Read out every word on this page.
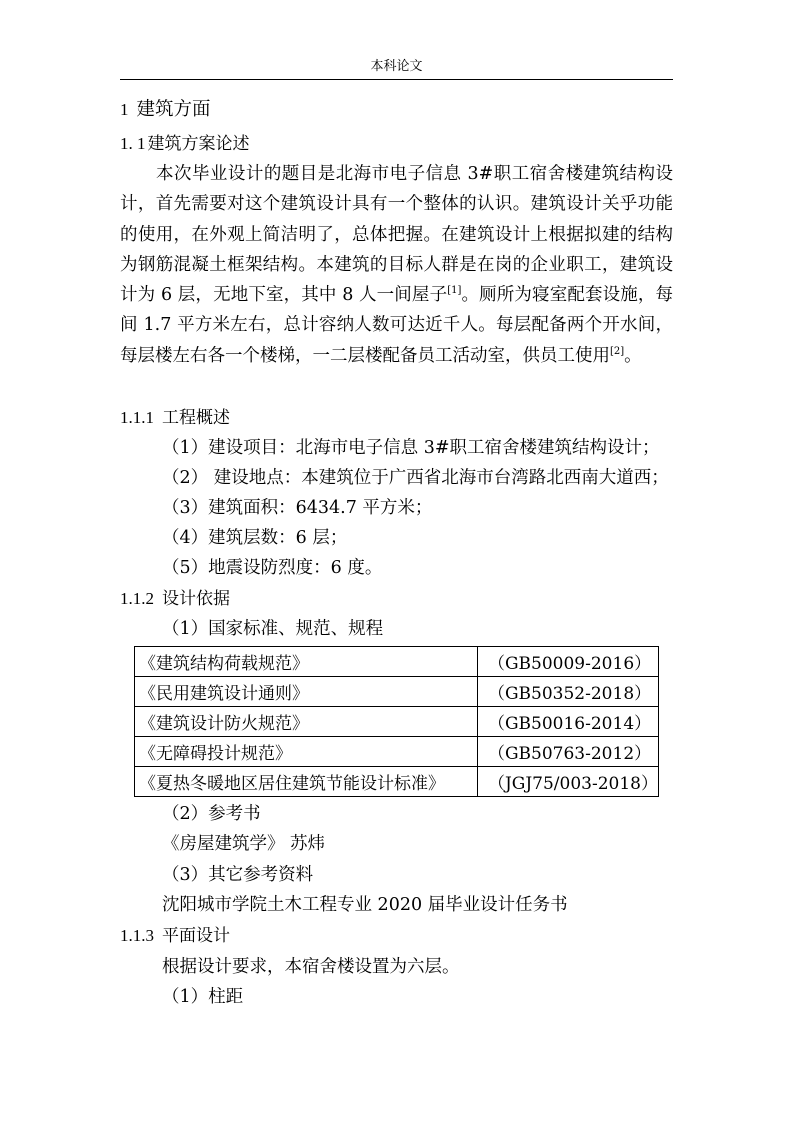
本科论文
1 建筑方面
1. 1 建筑方案论述
本次毕业设计的题目是北海市电子信息 3#职工宿舍楼建筑结构设计，首先需要对这个建筑设计具有一个整体的认识。建筑设计关乎功能的使用，在外观上简洁明了，总体把握。在建筑设计上根据拟建的结构为钢筋混凝土框架结构。本建筑的目标人群是在岗的企业职工，建筑设计为 6 层，无地下室，其中 8 人一间屋子[1]。厕所为寝室配套设施，每间 1.7 平方米左右，总计容纳人数可达近千人。每层配备两个开水间，每层楼左右各一个楼梯，一二层楼配备员工活动室，供员工使用[2]。
1.1.1 工程概述
（1）建设项目：北海市电子信息 3#职工宿舍楼建筑结构设计；
（2） 建设地点：本建筑位于广西省北海市台湾路北西南大道西；
（3）建筑面积：6434.7 平方米；
（4）建筑层数：6 层；
（5）地震设防烈度：6 度。
1.1.2 设计依据
（1）国家标准、规范、规程
《建筑结构荷载规范》	（GB50009-2016）
《民用建筑设计通则》	（GB50352-2018）
《建筑设计防火规范》	（GB50016-2014）
《无障碍投计规范》	（GB50763-2012）
《夏热冬暖地区居住建筑节能设计标准》	（JGJ75/003-2018）
（2）参考书
《房屋建筑学》 苏炜
（3）其它参考资料
沈阳城市学院土木工程专业 2020 届毕业设计任务书
1.1.3 平面设计
根据设计要求，本宿舍楼设置为六层。
（1）柱距
